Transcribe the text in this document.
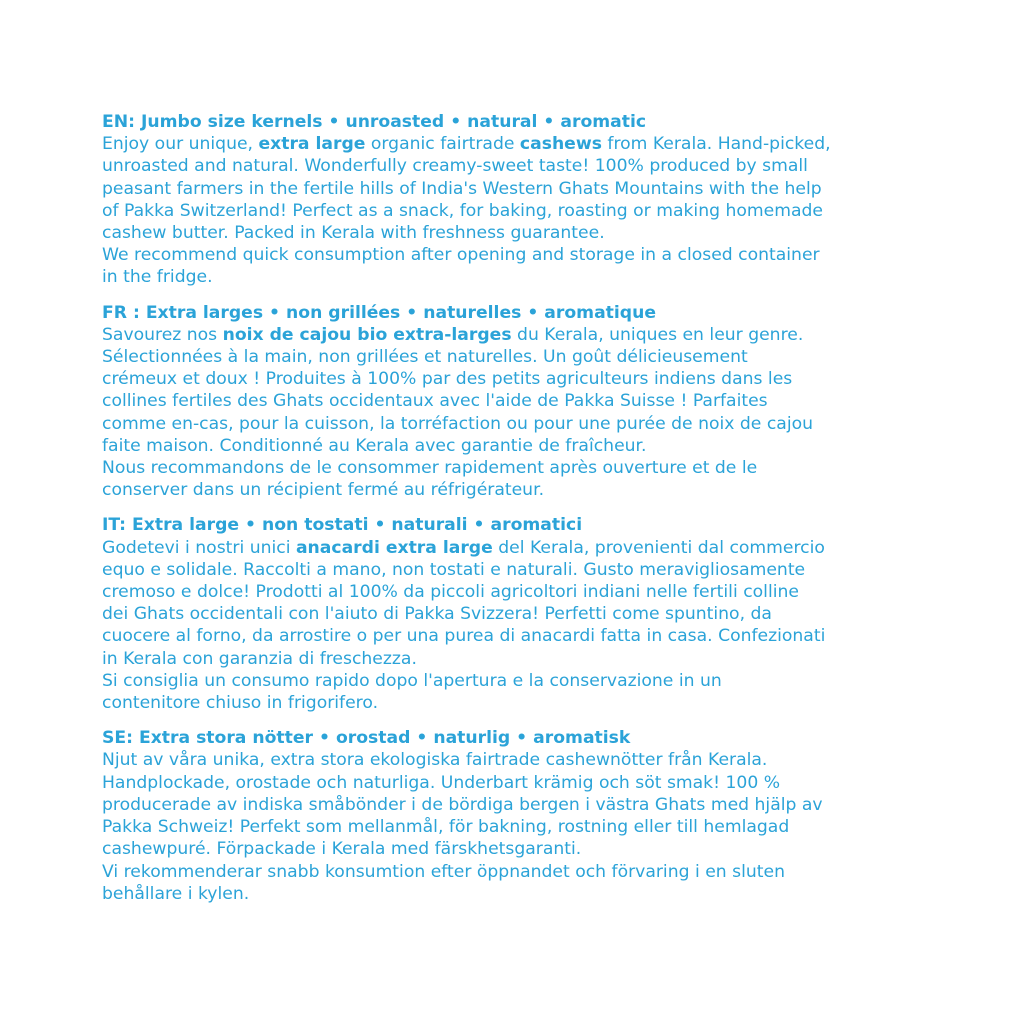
EN: Jumbo size kernels • unroasted • natural • aromatic

Enjoy our unique, extra large organic fairtrade cashews from Kerala. Hand-picked,

unroasted and natural. Wonderfully creamy-sweet taste! 100% produced by small

peasant farmers in the fertile hills of India's Western Ghats Mountains with the help

of Pakka Switzerland! Perfect as a snack, for baking, roasting or making homemade

cashew butter. Packed in Kerala with freshness guarantee.

We recommend quick consumption after opening and storage in a closed container

in the fridge.

FR : Extra larges • non grillées • naturelles • aromatique

Savourez nos noix de cajou bio extra-larges du Kerala, uniques en leur genre.

Sélectionnées à la main, non grillées et naturelles. Un goût délicieusement

crémeux et doux ! Produites à 100% par des petits agriculteurs indiens dans les

collines fertiles des Ghats occidentaux avec l'aide de Pakka Suisse ! Parfaites

comme en-cas, pour la cuisson, la torréfaction ou pour une purée de noix de cajou

faite maison. Conditionné au Kerala avec garantie de fraîcheur.

Nous recommandons de le consommer rapidement après ouverture et de le

conserver dans un récipient fermé au réfrigérateur.

IT: Extra large • non tostati • naturali • aromatici

Godetevi i nostri unici anacardi extra large del Kerala, provenienti dal commercio

equo e solidale. Raccolti a mano, non tostati e naturali. Gusto meravigliosamente

cremoso e dolce! Prodotti al 100% da piccoli agricoltori indiani nelle fertili colline

dei Ghats occidentali con l'aiuto di Pakka Svizzera! Perfetti come spuntino, da

cuocere al forno, da arrostire o per una purea di anacardi fatta in casa. Confezionati

in Kerala con garanzia di freschezza.

Si consiglia un consumo rapido dopo l'apertura e la conservazione in un

contenitore chiuso in frigorifero.

SE: Extra stora nötter • orostad • naturlig • aromatisk

Njut av våra unika, extra stora ekologiska fairtrade cashewnötter från Kerala.

Handplockade, orostade och naturliga. Underbart krämig och söt smak! 100 %

producerade av indiska småbönder i de bördiga bergen i västra Ghats med hjälp av

Pakka Schweiz! Perfekt som mellanmål, för bakning, rostning eller till hemlagad

cashewpuré. Förpackade i Kerala med färskhetsgaranti.

Vi rekommenderar snabb konsumtion efter öppnandet och förvaring i en sluten

behållare i kylen.
